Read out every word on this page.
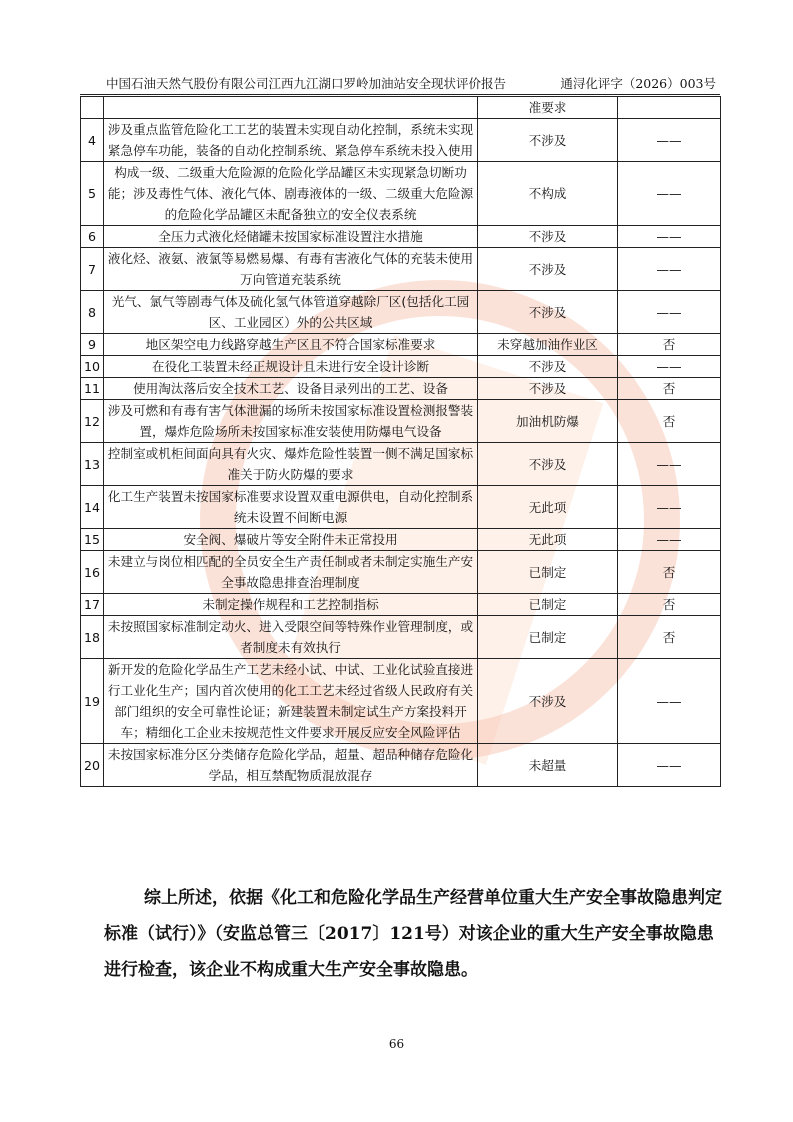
中国石油天然气股份有限公司江西九江湖口罗岭加油站安全现状评价报告	通浔化评字（2026）003号
		准要求	
4	涉及重点监管危险化工工艺的装置未实现自动化控制，系统未实现紧急停车功能，装备的自动化控制系统、紧急停车系统未投入使用	不涉及	——
5	构成一级、二级重大危险源的危险化学品罐区未实现紧急切断功能；涉及毒性气体、液化气体、剧毒液体的一级、二级重大危险源的危险化学品罐区未配备独立的安全仪表系统	不构成	——
6	全压力式液化烃储罐未按国家标准设置注水措施	不涉及	——
7	液化烃、液氨、液氯等易燃易爆、有毒有害液化气体的充装未使用万向管道充装系统	不涉及	——
8	光气、氯气等剧毒气体及硫化氢气体管道穿越除厂区(包括化工园区、工业园区）外的公共区域	不涉及	——
9	地区架空电力线路穿越生产区且不符合国家标准要求	未穿越加油作业区	否
10	在役化工装置未经正规设计且未进行安全设计诊断	不涉及	——
11	使用淘汰落后安全技术工艺、设备目录列出的工艺、设备	不涉及	否
12	涉及可燃和有毒有害气体泄漏的场所未按国家标准设置检测报警装置，爆炸危险场所未按国家标准安装使用防爆电气设备	加油机防爆	否
13	控制室或机柜间面向具有火灾、爆炸危险性装置一侧不满足国家标准关于防火防爆的要求	不涉及	——
14	化工生产装置未按国家标准要求设置双重电源供电，自动化控制系统未设置不间断电源	无此项	——
15	安全阀、爆破片等安全附件未正常投用	无此项	——
16	未建立与岗位相匹配的全员安全生产责任制或者未制定实施生产安全事故隐患排查治理制度	已制定	否
17	未制定操作规程和工艺控制指标	已制定	否
18	未按照国家标准制定动火、进入受限空间等特殊作业管理制度，或者制度未有效执行	已制定	否
19	新开发的危险化学品生产工艺未经小试、中试、工业化试验直接进行工业化生产；国内首次使用的化工工艺未经过省级人民政府有关部门组织的安全可靠性论证；新建装置未制定试生产方案投料开车；精细化工企业未按规范性文件要求开展反应安全风险评估	不涉及	——
20	未按国家标准分区分类储存危险化学品，超量、超品种储存危险化学品，相互禁配物质混放混存	未超量	——

综上所述，依据《化工和危险化学品生产经营单位重大生产安全事故隐患判定标准（试行）》（安监总管三〔2017〕121号）对该企业的重大生产安全事故隐患进行检查，该企业不构成重大生产安全事故隐患。

66
